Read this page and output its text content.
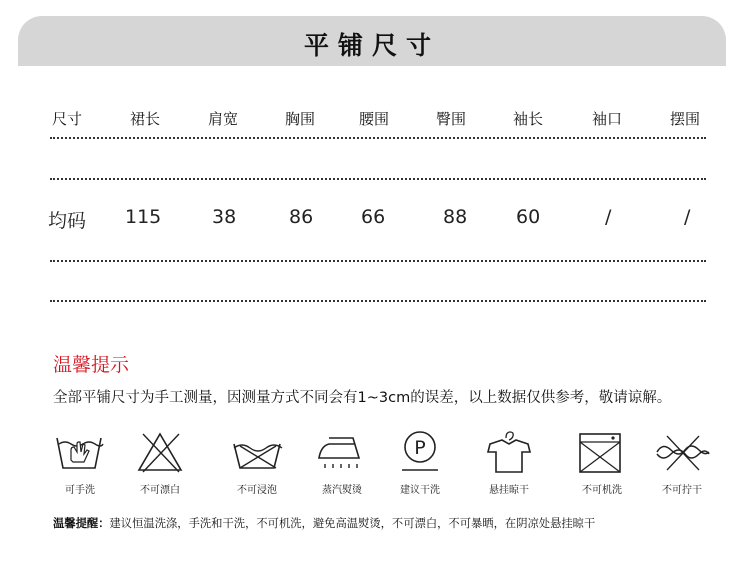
平铺尺寸
尺寸	裙长	肩宽	胸围	腰围	臀围	袖长	袖口	摆围
均码 115	38	86	66	88	60	/	/
温馨提示
全部平铺尺寸为手工测量，因测量方式不同会有1~3cm的误差，以上数据仅供参考，敬请谅解。
可手洗	不可漂白	不可浸泡	蒸汽熨烫
P
建议干洗	悬挂晾干	不可机洗	不可拧干
温馨提醒：建议恒温洗涤，手洗和干洗，不可机洗，避免高温熨烫，不可漂白，不可暴晒，在阴凉处悬挂晾干
